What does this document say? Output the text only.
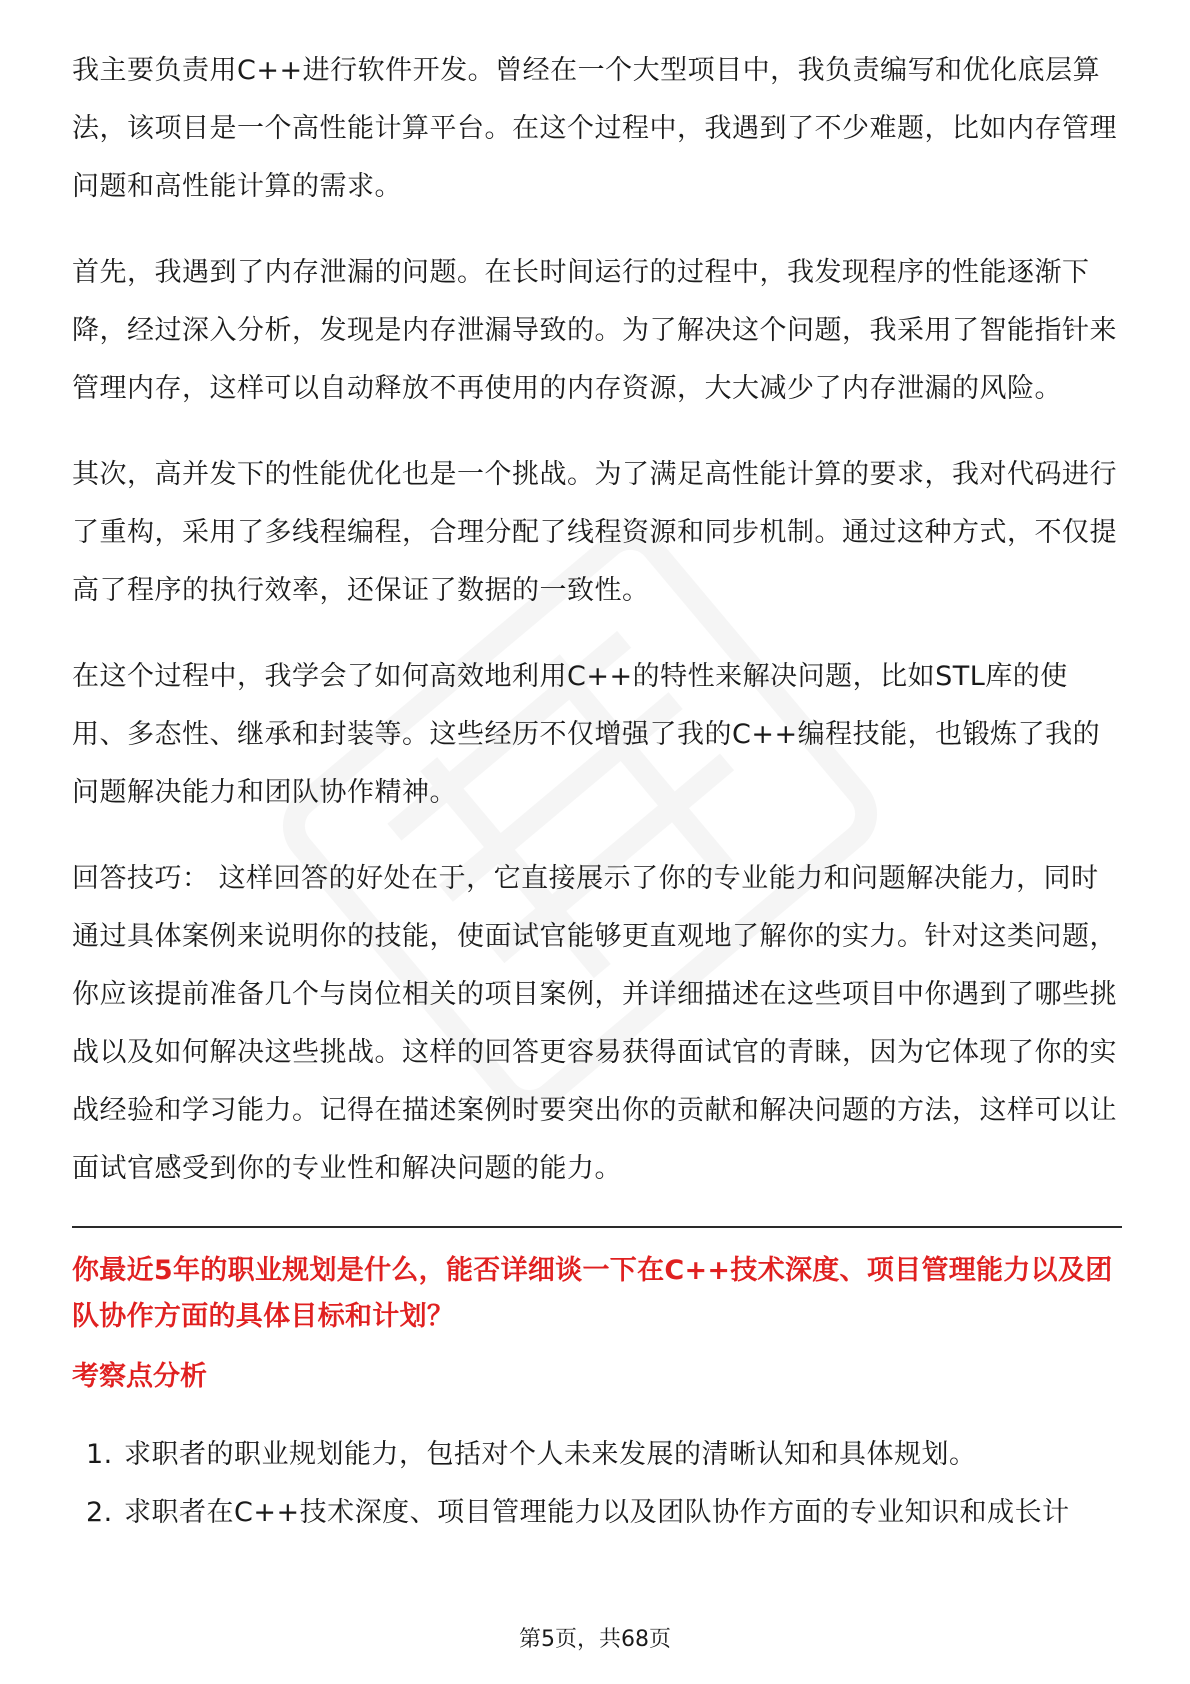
我主要负责用C++进行软件开发。曾经在一个大型项目中，我负责编写和优化底层算法，该项目是一个高性能计算平台。在这个过程中，我遇到了不少难题，比如内存管理问题和高性能计算的需求。

首先，我遇到了内存泄漏的问题。在长时间运行的过程中，我发现程序的性能逐渐下降，经过深入分析，发现是内存泄漏导致的。为了解决这个问题，我采用了智能指针来管理内存，这样可以自动释放不再使用的内存资源，大大减少了内存泄漏的风险。

其次，高并发下的性能优化也是一个挑战。为了满足高性能计算的要求，我对代码进行了重构，采用了多线程编程，合理分配了线程资源和同步机制。通过这种方式，不仅提高了程序的执行效率，还保证了数据的一致性。

在这个过程中，我学会了如何高效地利用C++的特性来解决问题，比如STL库的使用、多态性、继承和封装等。这些经历不仅增强了我的C++编程技能，也锻炼了我的问题解决能力和团队协作精神。

回答技巧： 这样回答的好处在于，它直接展示了你的专业能力和问题解决能力，同时通过具体案例来说明你的技能，使面试官能够更直观地了解你的实力。针对这类问题，你应该提前准备几个与岗位相关的项目案例，并详细描述在这些项目中你遇到了哪些挑战以及如何解决这些挑战。这样的回答更容易获得面试官的青睐，因为它体现了你的实战经验和学习能力。记得在描述案例时要突出你的贡献和解决问题的方法，这样可以让面试官感受到你的专业性和解决问题的能力。

你最近5年的职业规划是什么，能否详细谈一下在C++技术深度、项目管理能力以及团队协作方面的具体目标和计划？
考察点分析
1. 求职者的职业规划能力，包括对个人未来发展的清晰认知和具体规划。
2. 求职者在C++技术深度、项目管理能力以及团队协作方面的专业知识和成长计
第5页，共68页
